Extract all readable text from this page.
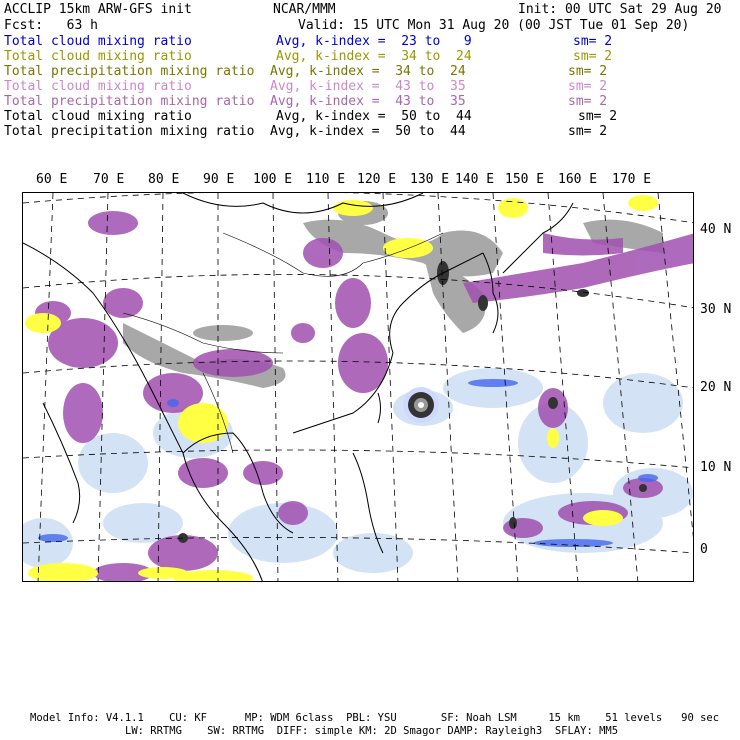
ACCLIP 15km ARW-GFS init	NCAR/MMM	Init: 00 UTC Sat 29 Aug 20
Fcst:   63 h	Valid: 15 UTC Mon 31 Aug 20 (00 JST Tue 01 Sep 20)
Total cloud mixing ratio	Avg, k-index =  23 to   9	sm= 2
Total cloud mixing ratio	Avg, k-index =  34 to  24	sm= 2
Total precipitation mixing ratio Avg, k-index =  34 to  24	sm= 2
Total cloud mixing ratio	Avg, k-index =  43 to  35	sm= 2
Total precipitation mixing ratio Avg, k-index =  43 to  35	sm= 2
Total cloud mixing ratio	Avg, k-index =  50 to  44	sm= 2
Total precipitation mixing ratio Avg, k-index =  50 to  44	sm= 2
60 E 70 E 80 E 90 E 100 E 110 E 120 E 130 E 140 E 150 E 160 E 170 E
40 N
30 N
20 N
10 N
0
Model Info: V4.1.1    CU: KF      MP: WDM 6class  PBL: YSU       SF: Noah LSM     15 km    51 levels   90 sec
LW: RRTMG    SW: RRTMG  DIFF: simple KM: 2D Smagor DAMP: Rayleigh3  SFLAY: MM5
